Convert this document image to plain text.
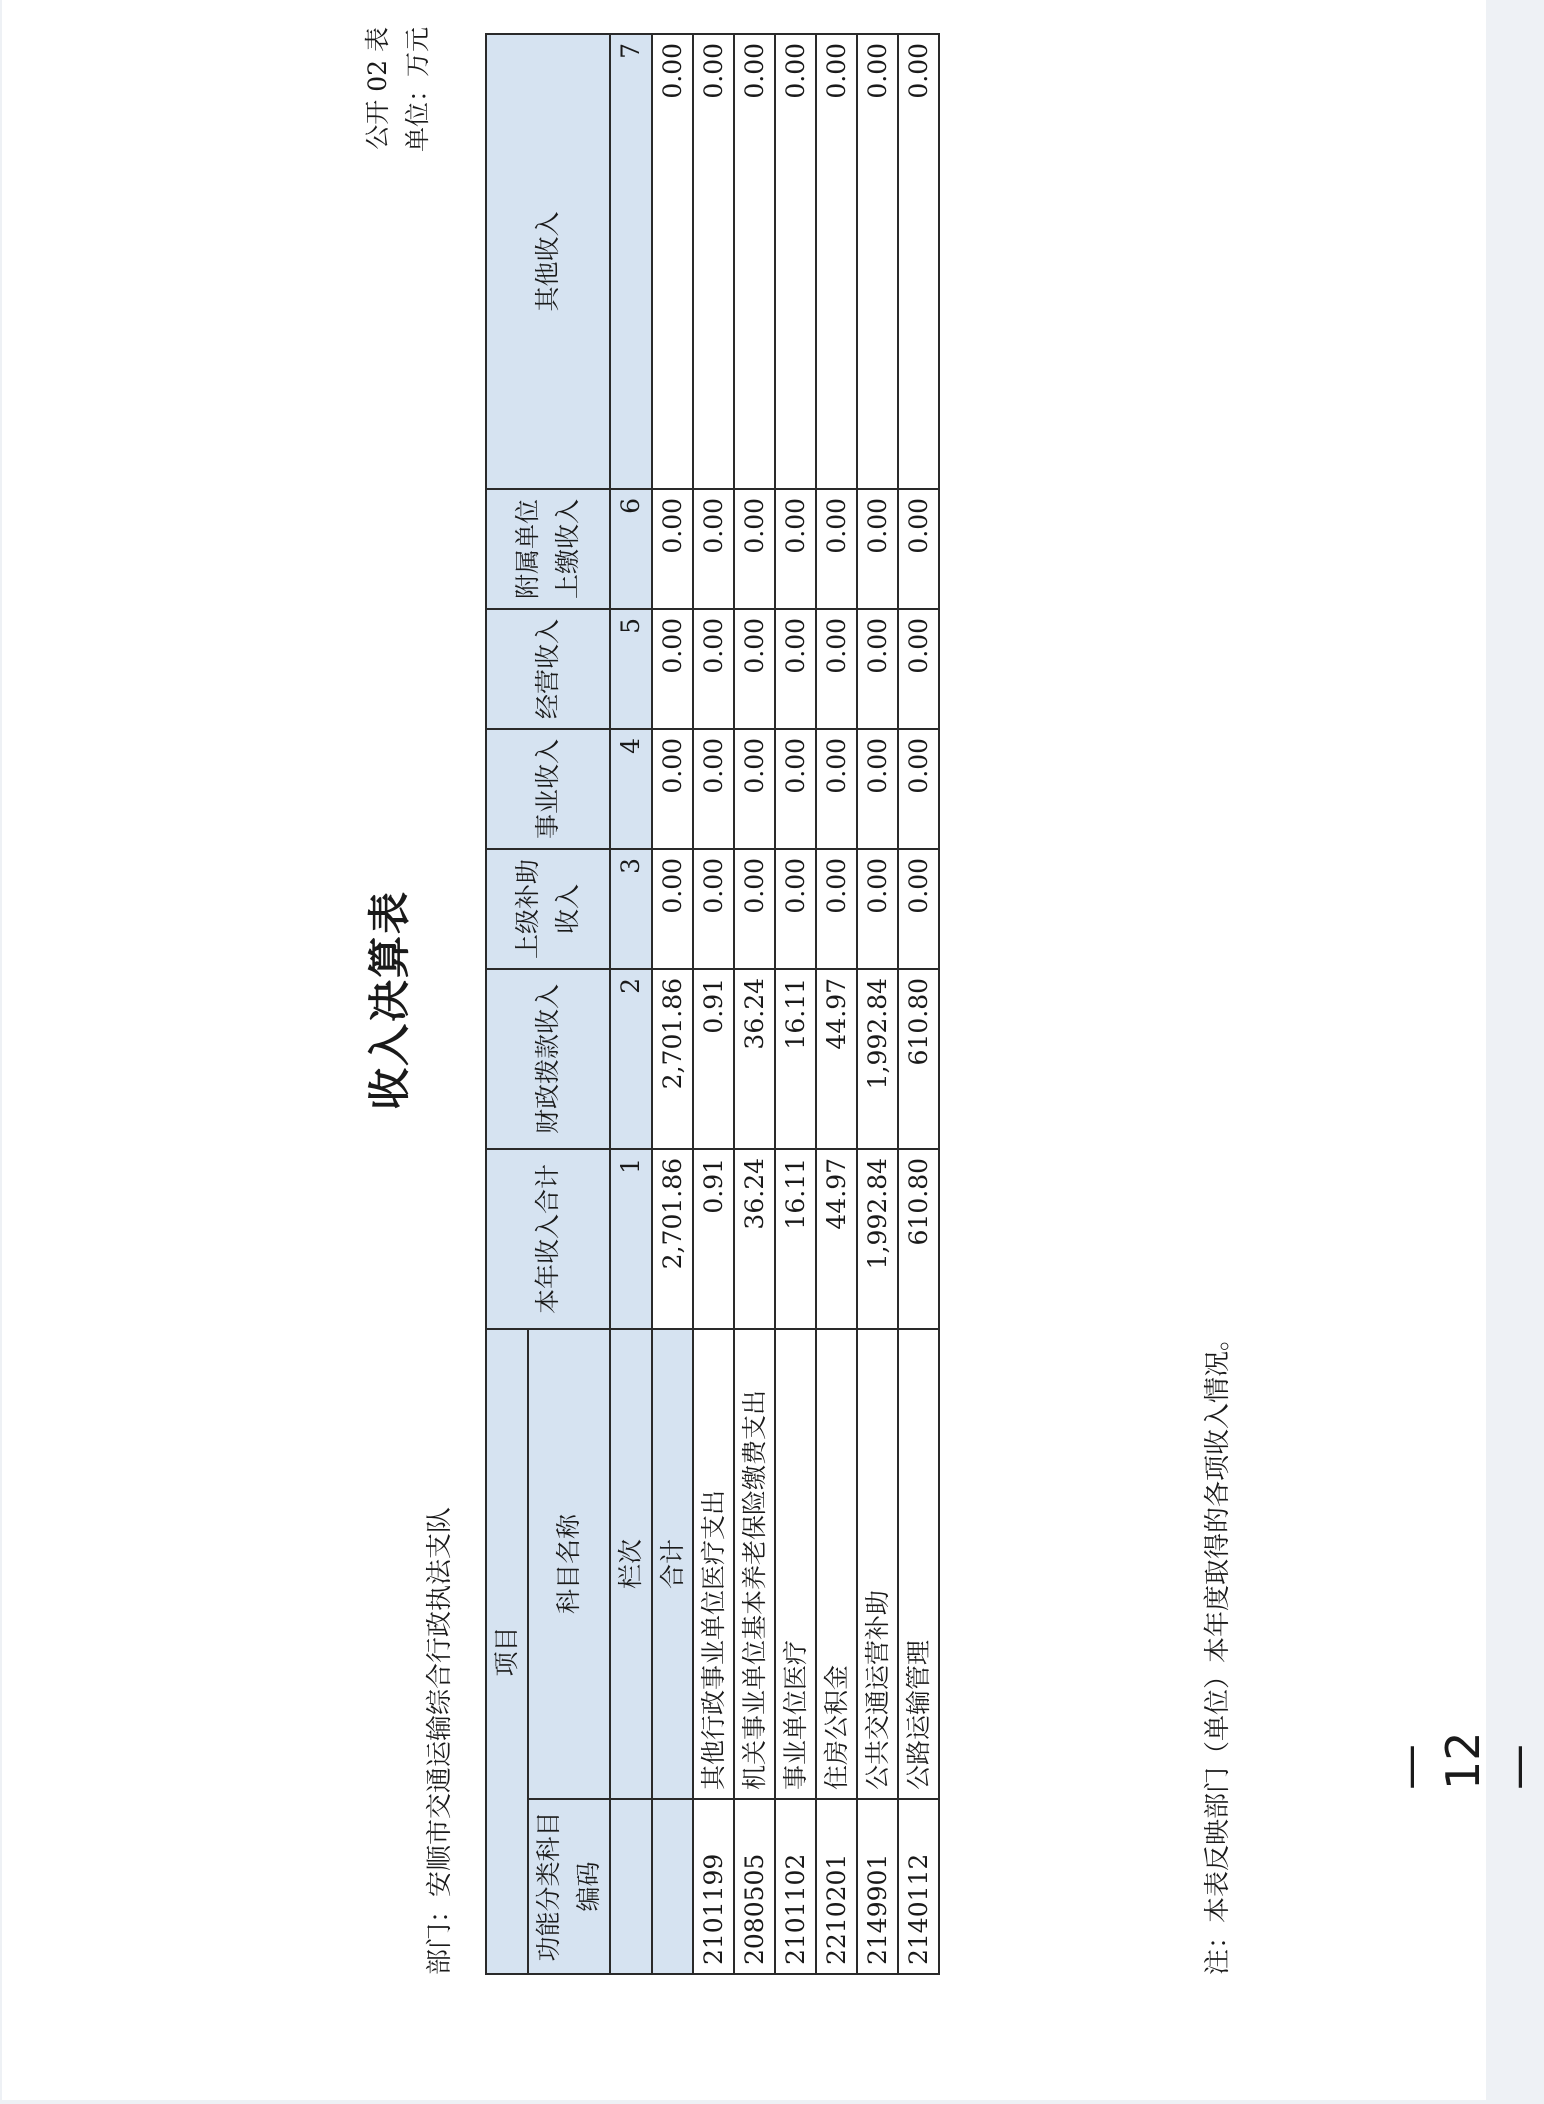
收入决算表
部门：安顺市交通运输综合行政执法支队
公开 02 表 单位：万元
项目		本年收入合计	财政拨款收入	上级补助收入	事业收入	经营收入	附属单位上缴收入	其他收入
功能分类科目编码	科目名称							
	栏次	1	2	3	4	5	6	7
	合计	2,701.86	2,701.86	0.00	0.00	0.00	0.00	0.00
2101199	其他行政事业单位医疗支出	0.91	0.91	0.00	0.00	0.00	0.00	0.00
2080505	机关事业单位基本养老保险缴费支出	36.24	36.24	0.00	0.00	0.00	0.00	0.00
2101102	事业单位医疗	16.11	16.11	0.00	0.00	0.00	0.00	0.00
2210201	住房公积金	44.97	44.97	0.00	0.00	0.00	0.00	0.00
2149901	公共交通运营补助	1,992.84	1,992.84	0.00	0.00	0.00	0.00	0.00
2140112	公路运输管理	610.80	610.80	0.00	0.00	0.00	0.00	0.00
注：本表反映部门（单位）本年度取得的各项收入情况。	— 12 —
